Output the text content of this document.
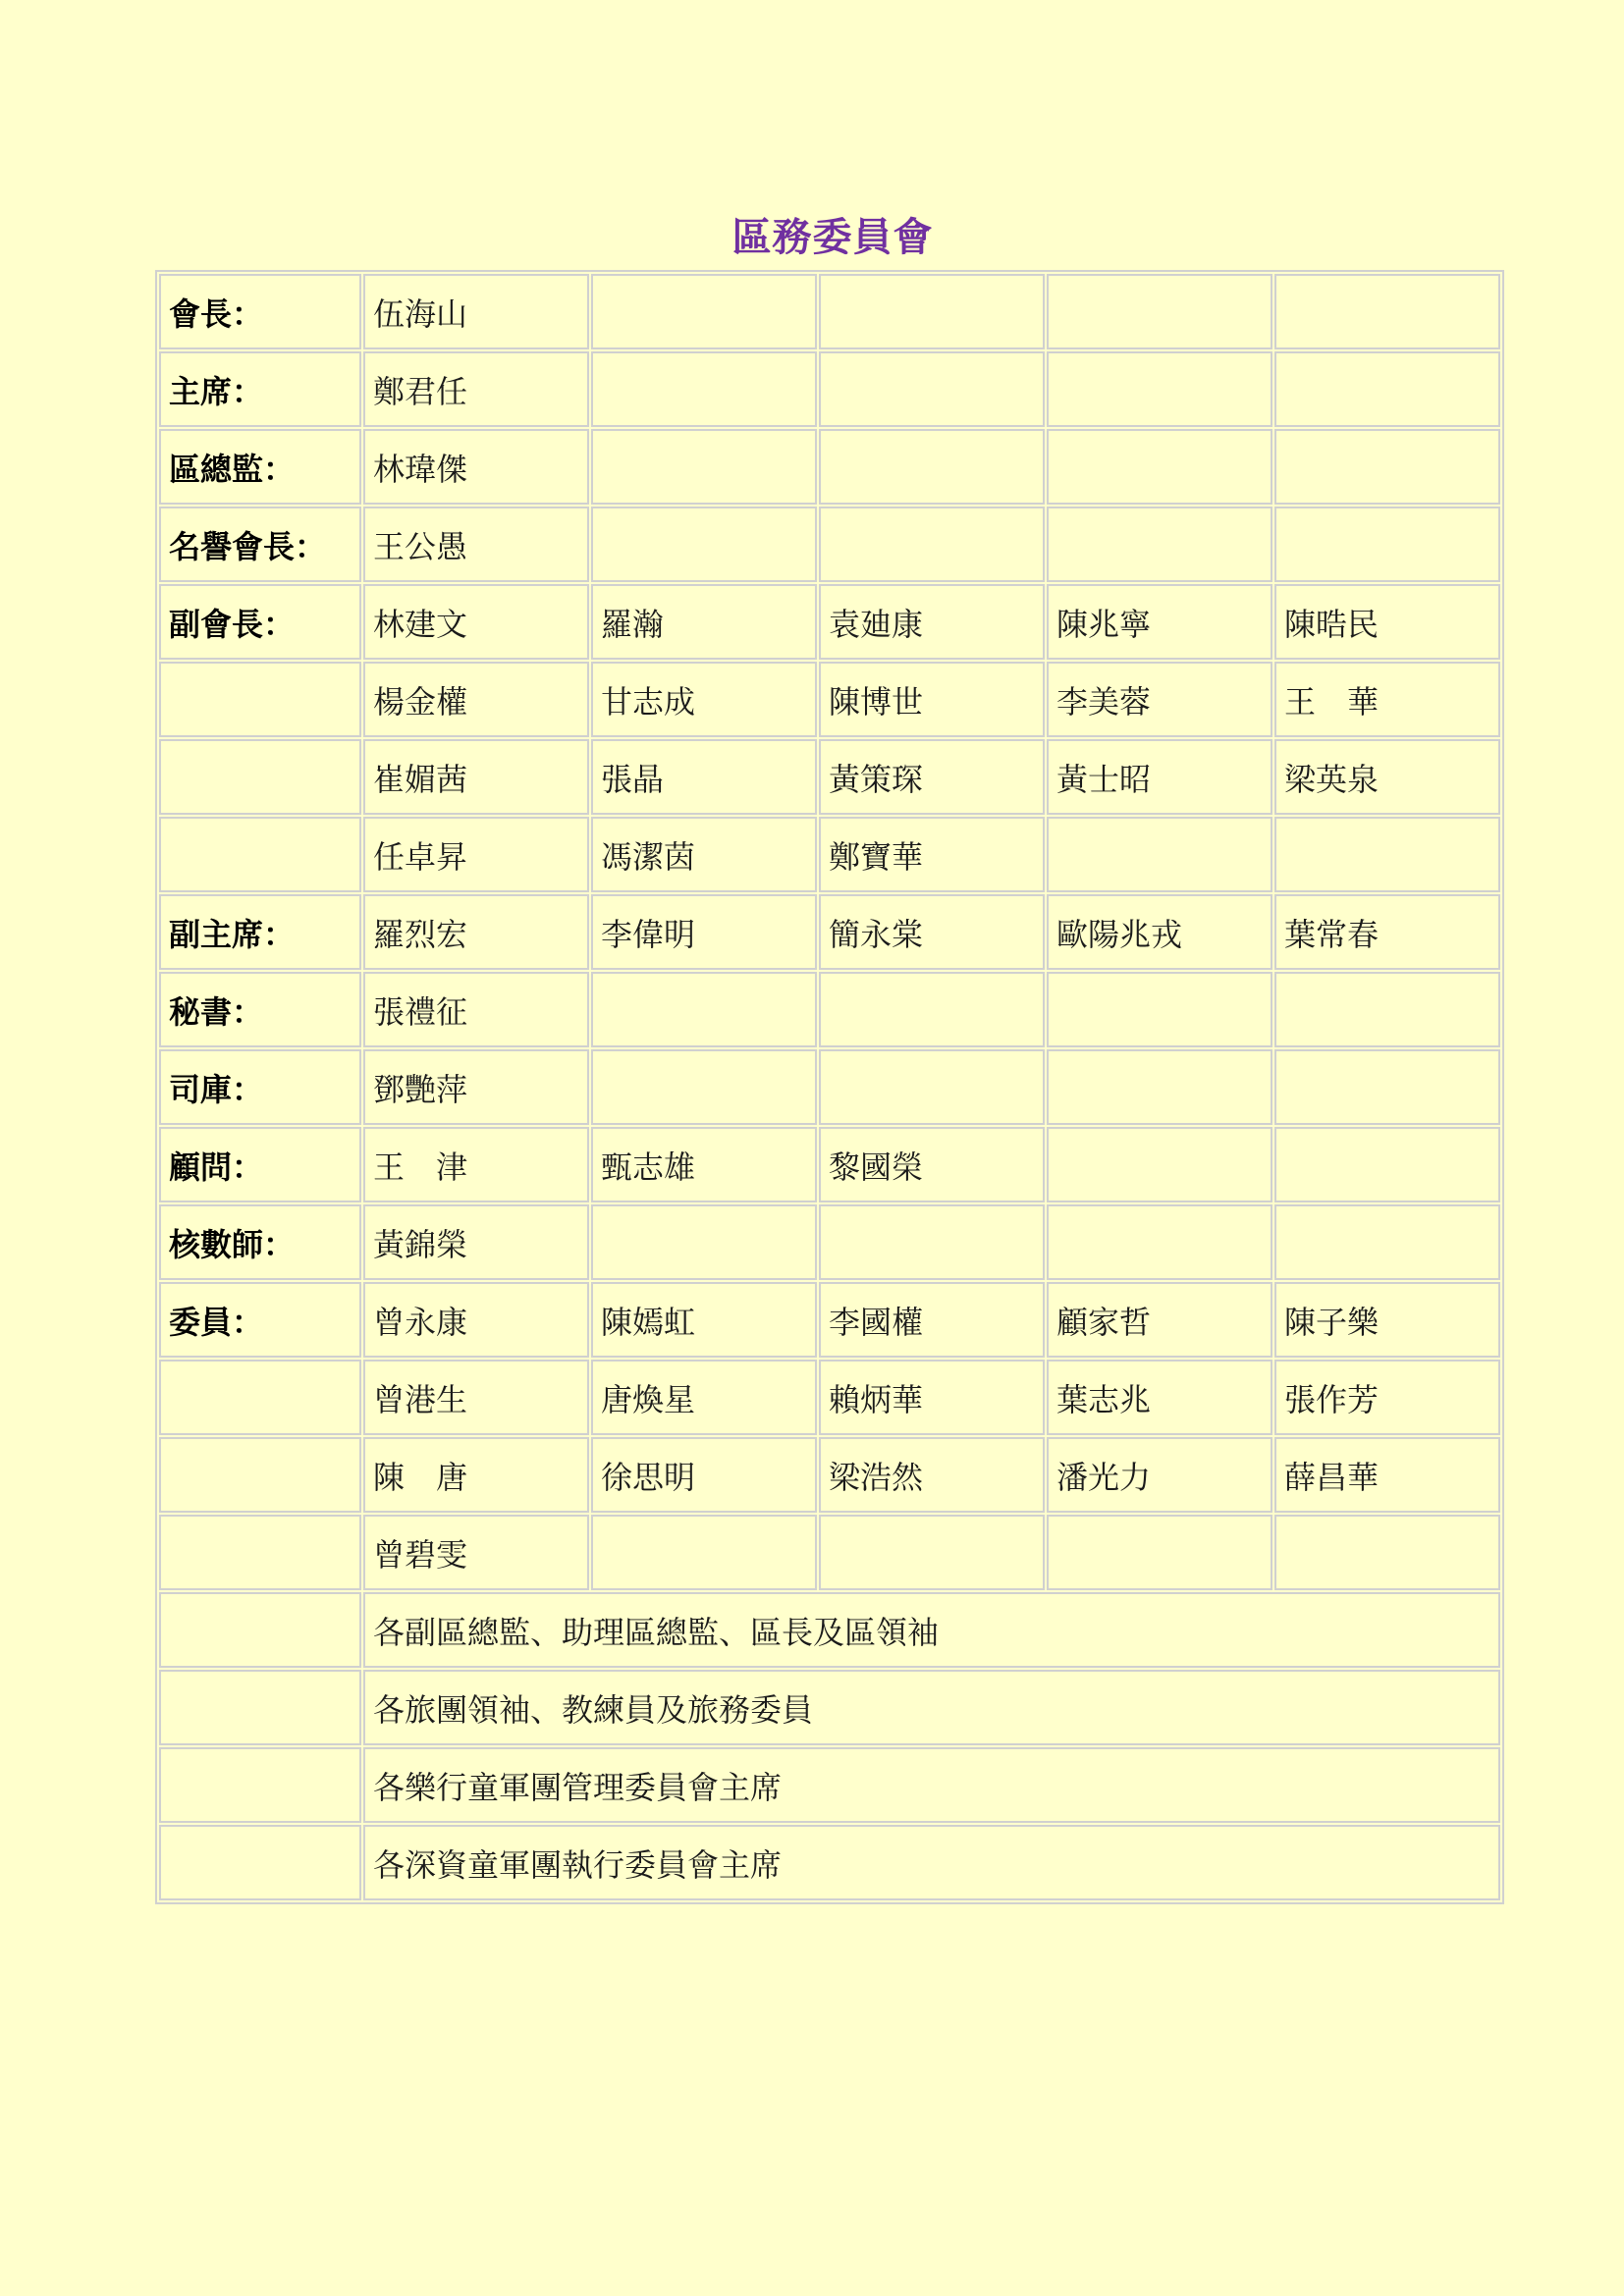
區務委員會
會長：	伍海山				
主席：	鄭君任				
區總監：	林瑋傑				
名譽會長：	王公愚				
副會長：	林建文	羅瀚	袁廸康	陳兆寧	陳晧民
	楊金權	甘志成	陳博世	李美蓉	王　華
	崔媚茜	張晶	黃策琛	黃士昭	梁英泉
	任卓昇	馮潔茵	鄭寶華		
副主席：	羅烈宏	李偉明	簡永棠	歐陽兆戎	葉常春
秘書：	張禮征				
司庫：	鄧艷萍				
顧問：	王　津	甄志雄	黎國榮		
核數師：	黃錦榮				
委員：	曾永康	陳嫣虹	李國權	顧家哲	陳子樂
	曾港生	唐煥星	賴炳華	葉志兆	張作芳
	陳　唐	徐思明	梁浩然	潘光力	薛昌華
	曾碧雯				
	各副區總監、助理區總監、區長及區領袖				
	各旅團領袖、教練員及旅務委員				
	各樂行童軍團管理委員會主席				
	各深資童軍團執行委員會主席				
